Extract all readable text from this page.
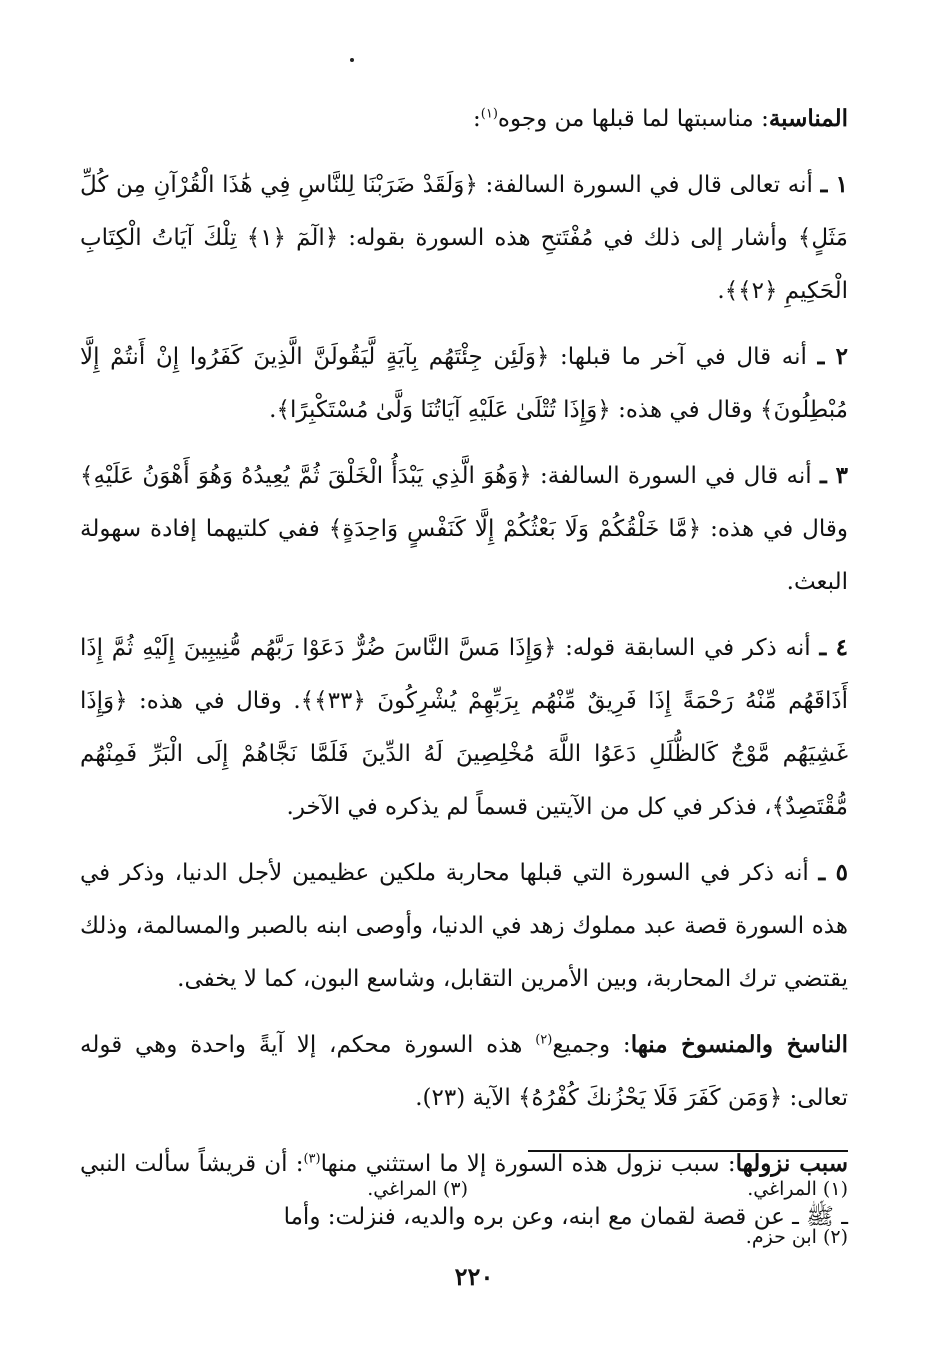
المناسبة: مناسبتها لما قبلها من وجوه$^{(١)}$:

١ ـ أنه تعالى قال في السورة السالفة: ﴿وَلَقَدْ ضَرَبْنَا لِلنَّاسِ فِي هَٰذَا الْقُرْآنِ مِن كُلِّ مَثَلٍ﴾ وأشار إلى ذلك في مُفْتَتحِ هذه السورة بقوله: ﴿الٓمٓ ﴿١﴾ تِلْكَ آيَاتُ الْكِتَابِ الْحَكِيمِ ﴿٢﴾﴾.

٢ ـ أنه قال في آخر ما قبلها: ﴿وَلَئِن جِئْتَهُم بِآيَةٍ لَّيَقُولَنَّ الَّذِينَ كَفَرُوا إِنْ أَنتُمْ إِلَّا مُبْطِلُونَ﴾ وقال في هذه: ﴿وَإِذَا تُتْلَىٰ عَلَيْهِ آيَاتُنَا وَلَّىٰ مُسْتَكْبِرًا﴾.

٣ ـ أنه قال في السورة السالفة: ﴿وَهُوَ الَّذِي يَبْدَأُ الْخَلْقَ ثُمَّ يُعِيدُهُ وَهُوَ أَهْوَنُ عَلَيْهِ﴾ وقال في هذه: ﴿مَّا خَلْقُكُمْ وَلَا بَعْثُكُمْ إِلَّا كَنَفْسٍ وَاحِدَةٍ﴾ ففي كلتيهما إفادة سهولة البعث.

٤ ـ أنه ذكر في السابقة قوله: ﴿وَإِذَا مَسَّ النَّاسَ ضُرٌّ دَعَوْا رَبَّهُم مُّنِيبِينَ إِلَيْهِ ثُمَّ إِذَا أَذَاقَهُم مِّنْهُ رَحْمَةً إِذَا فَرِيقٌ مِّنْهُم بِرَبِّهِمْ يُشْرِكُونَ ﴿٣٣﴾﴾. وقال في هذه: ﴿وَإِذَا غَشِيَهُم مَّوْجٌ كَالظُّلَلِ دَعَوُا اللَّهَ مُخْلِصِينَ لَهُ الدِّينَ فَلَمَّا نَجَّاهُمْ إِلَى الْبَرِّ فَمِنْهُم مُّقْتَصِدٌ﴾، فذكر في كل من الآيتين قسماً لم يذكره في الآخر.

٥ ـ أنه ذكر في السورة التي قبلها محاربة ملكين عظيمين لأجل الدنيا، وذكر في هذه السورة قصة عبد مملوك زهد في الدنيا، وأوصى ابنه بالصبر والمسالمة، وذلك يقتضي ترك المحاربة، وبين الأمرين التقابل، وشاسع البون، كما لا يخفى.

الناسخ والمنسوخ منها: وجميع$^{(٢)}$ هذه السورة محكم، إلا آيةً واحدة وهي قوله تعالى: ﴿وَمَن كَفَرَ فَلَا يَحْزُنكَ كُفْرُهُ﴾ الآية (٢٣).

سبب نزولها: سبب نزول هذه السورة إلا ما استثني منها$^{(٣)}$: أن قريشاً سألت النبي ـ ﷺ ـ عن قصة لقمان مع ابنه، وعن بره والديه، فنزلت: وأما

(١) المراغي.
(٣) المراغي.
(٢) ابن حزم.
٢٢٠
